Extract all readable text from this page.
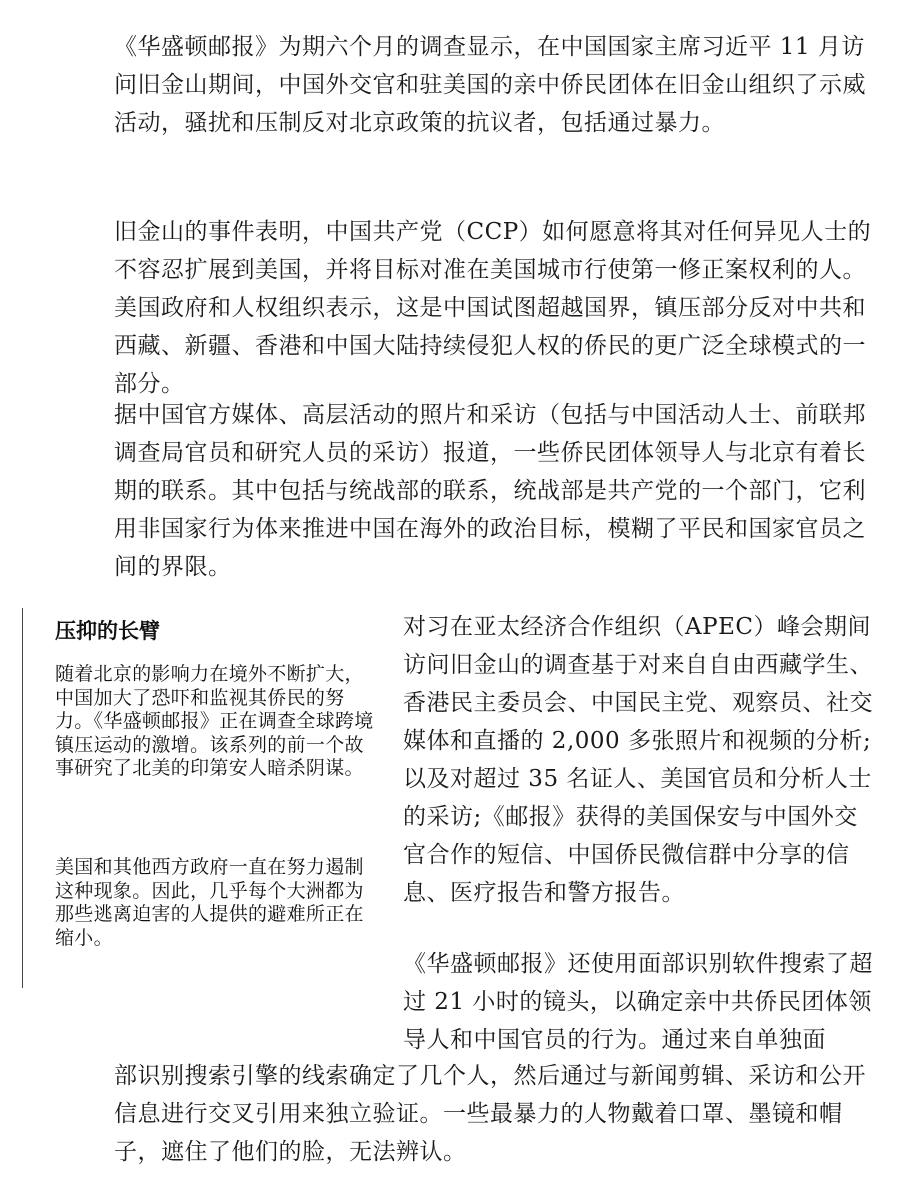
《华盛顿邮报》为期六个月的调查显示，在中国国家主席习近平 11 月访问旧金山期间，中国外交官和驻美国的亲中侨民团体在旧金山组织了示威活动，骚扰和压制反对北京政策的抗议者，包括通过暴力。

旧金山的事件表明，中国共产党（CCP）如何愿意将其对任何异见人士的不容忍扩展到美国，并将目标对准在美国城市行使第一修正案权利的人。美国政府和人权组织表示，这是中国试图超越国界，镇压部分反对中共和西藏、新疆、香港和中国大陆持续侵犯人权的侨民的更广泛全球模式的一部分。

据中国官方媒体、高层活动的照片和采访（包括与中国活动人士、前联邦调查局官员和研究人员的采访）报道，一些侨民团体领导人与北京有着长期的联系。其中包括与统战部的联系，统战部是共产党的一个部门，它利用非国家行为体来推进中国在海外的政治目标，模糊了平民和国家官员之间的界限。

压抑的长臂

随着北京的影响力在境外不断扩大，中国加大了恐吓和监视其侨民的努力。《华盛顿邮报》正在调查全球跨境镇压运动的激增。该系列的前一个故事研究了北美的印第安人暗杀阴谋。

美国和其他西方政府一直在努力遏制这种现象。因此，几乎每个大洲都为那些逃离迫害的人提供的避难所正在缩小。

对习在亚太经济合作组织（APEC）峰会期间访问旧金山的调查基于对来自自由西藏学生、香港民主委员会、中国民主党、观察员、社交媒体和直播的 2,000 多张照片和视频的分析;以及对超过 35 名证人、美国官员和分析人士的采访;《邮报》获得的美国保安与中国外交官合作的短信、中国侨民微信群中分享的信息、医疗报告和警方报告。

《华盛顿邮报》还使用面部识别软件搜索了超过 21 小时的镜头，以确定亲中共侨民团体领导人和中国官员的行为。通过来自单独面

部识别搜索引擎的线索确定了几个人，然后通过与新闻剪辑、采访和公开信息进行交叉引用来独立验证。一些最暴力的人物戴着口罩、墨镜和帽子，遮住了他们的脸，无法辨认。
